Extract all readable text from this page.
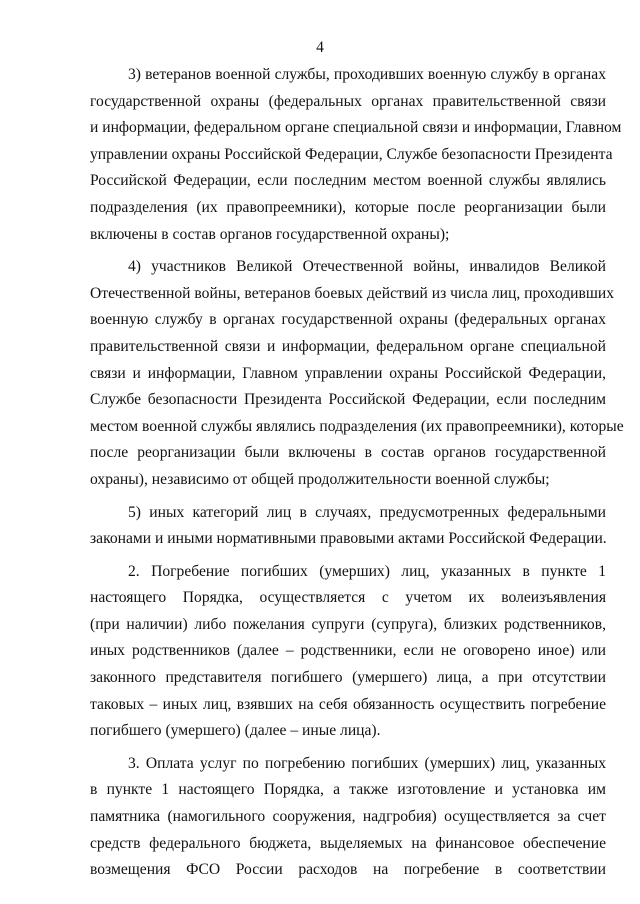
4
3) ветеранов военной службы, проходивших военную службу в органах
государственной охраны (федеральных органах правительственной связи
и информации, федеральном органе специальной связи и информации, Главном
управлении охраны Российской Федерации, Службе безопасности Президента
Российской Федерации, если последним местом военной службы являлись
подразделения (их правопреемники), которые после реорганизации были
включены в состав органов государственной охраны);
4) участников Великой Отечественной войны, инвалидов Великой
Отечественной войны, ветеранов боевых действий из числа лиц, проходивших
военную службу в органах государственной охраны (федеральных органах
правительственной связи и информации, федеральном органе специальной
связи и информации, Главном управлении охраны Российской Федерации,
Службе безопасности Президента Российской Федерации, если последним
местом военной службы являлись подразделения (их правопреемники), которые
после реорганизации были включены в состав органов государственной
охраны), независимо от общей продолжительности военной службы;
5) иных категорий лиц в случаях, предусмотренных федеральными
законами и иными нормативными правовыми актами Российской Федерации.
2. Погребение погибших (умерших) лиц, указанных в пункте 1
настоящего Порядка, осуществляется с учетом их волеизъявления
(при наличии) либо пожелания супруги (супруга), близких родственников,
иных родственников (далее – родственники, если не оговорено иное) или
законного представителя погибшего (умершего) лица, а при отсутствии
таковых – иных лиц, взявших на себя обязанность осуществить погребение
погибшего (умершего) (далее – иные лица).
3. Оплата услуг по погребению погибших (умерших) лиц, указанных
в пункте 1 настоящего Порядка, а также изготовление и установка им
памятника (намогильного сооружения, надгробия) осуществляется за счет
средств федерального бюджета, выделяемых на финансовое обеспечение
возмещения ФСО России расходов на погребение в соответствии
